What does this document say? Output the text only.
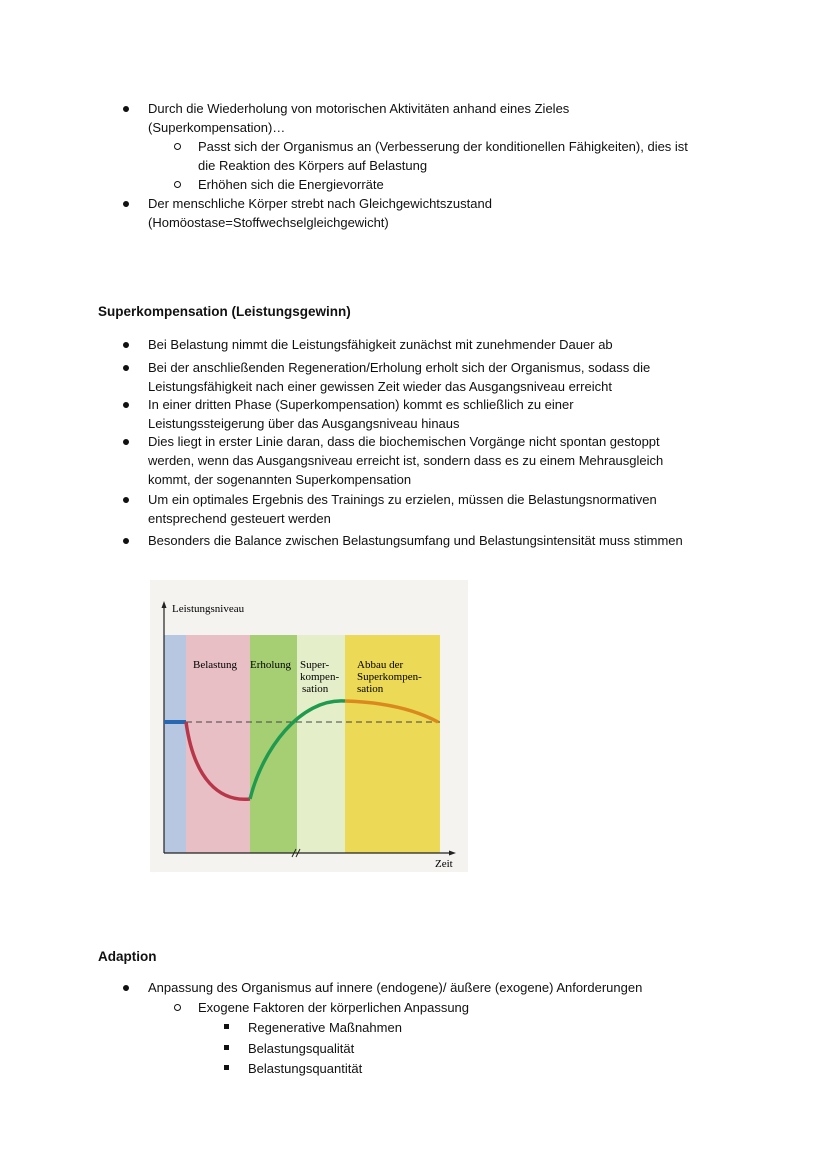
Durch die Wiederholung von motorischen Aktivitäten anhand eines Zieles
(Superkompensation)…
Passt sich der Organismus an (Verbesserung der konditionellen Fähigkeiten), dies ist
die Reaktion des Körpers auf Belastung
Erhöhen sich die Energievorräte
Der menschliche Körper strebt nach Gleichgewichtszustand
(Homöostase=Stoffwechselgleichgewicht)
Superkompensation (Leistungsgewinn)
Bei Belastung nimmt die Leistungsfähigkeit zunächst mit zunehmender Dauer ab
Bei der anschließenden Regeneration/Erholung erholt sich der Organismus, sodass die
Leistungsfähigkeit nach einer gewissen Zeit wieder das Ausgangsniveau erreicht
In einer dritten Phase (Superkompensation) kommt es schließlich zu einer
Leistungssteigerung über das Ausgangsniveau hinaus
Dies liegt in erster Linie daran, dass die biochemischen Vorgänge nicht spontan gestoppt
werden, wenn das Ausgangsniveau erreicht ist, sondern dass es zu einem Mehrausgleich
kommt, der sogenannten Superkompensation
Um ein optimales Ergebnis des Trainings zu erzielen, müssen die Belastungsnormativen
entsprechend gesteuert werden
Besonders die Balance zwischen Belastungsumfang und Belastungsintensität muss stimmen
Leistungsniveau
Zeit
Belastung Erholung Super-
kompen-
sation
Abbau der
Superkompen-
sation
Adaption
Anpassung des Organismus auf innere (endogene)/ äußere (exogene) Anforderungen
Exogene Faktoren der körperlichen Anpassung
Regenerative Maßnahmen
Belastungsqualität
Belastungsquantität
